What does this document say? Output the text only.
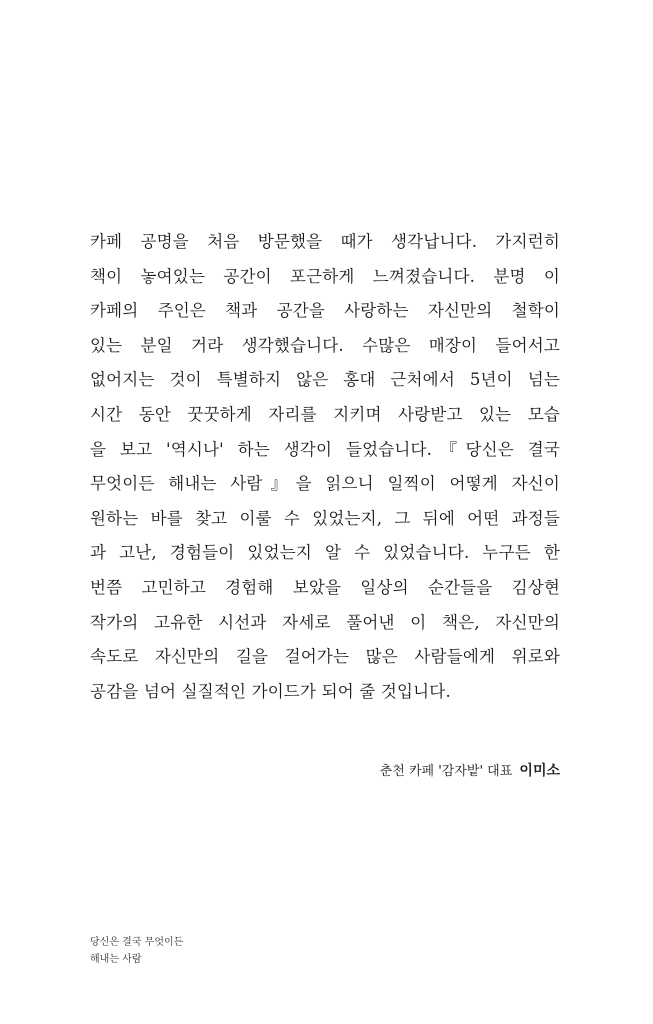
카페 공명을 처음 방문했을 때가 생각납니다. 가지런히
책이 놓여있는 공간이 포근하게 느껴졌습니다. 분명 이
카페의 주인은 책과 공간을 사랑하는 자신만의 철학이
있는 분일 거라 생각했습니다. 수많은 매장이 들어서고
없어지는 것이 특별하지 않은 홍대 근처에서 5년이 넘는
시간 동안 꿋꿋하게 자리를 지키며 사랑받고 있는 모습
을 보고 '역시나' 하는 생각이 들었습니다.『당신은 결국
무엇이든 해내는 사람』을 읽으니 일찍이 어떻게 자신이
원하는 바를 찾고 이룰 수 있었는지, 그 뒤에 어떤 과정들
과 고난, 경험들이 있었는지 알 수 있었습니다. 누구든 한
번쯤 고민하고 경험해 보았을 일상의 순간들을 김상현
작가의 고유한 시선과 자세로 풀어낸 이 책은, 자신만의
속도로 자신만의 길을 걸어가는 많은 사람들에게 위로와
공감을 넘어 실질적인 가이드가 되어 줄 것입니다.
춘천 카페 '감자밭' 대표 이미소
당신은 결국 무엇이든
해내는 사람
